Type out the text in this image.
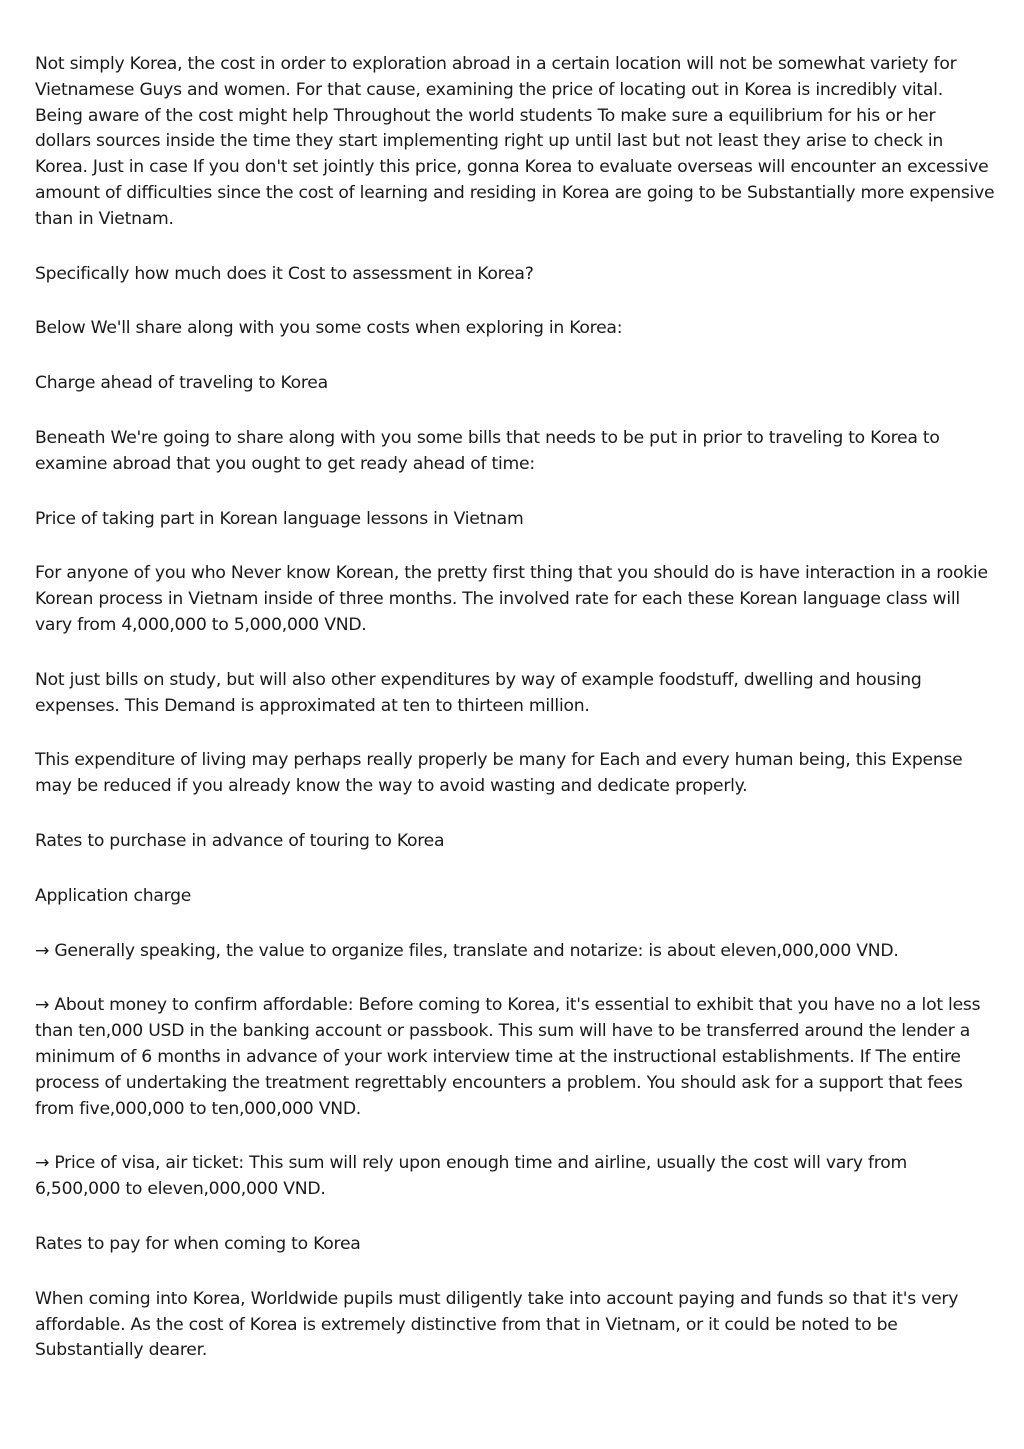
Not simply Korea, the cost in order to exploration abroad in a certain location will not be somewhat variety for Vietnamese Guys and women. For that cause, examining the price of locating out in Korea is incredibly vital. Being aware of the cost might help Throughout the world students To make sure a equilibrium for his or her dollars sources inside the time they start implementing right up until last but not least they arise to check in Korea. Just in case If you don't set jointly this price, gonna Korea to evaluate overseas will encounter an excessive amount of difficulties since the cost of learning and residing in Korea are going to be Substantially more expensive than in Vietnam.

Specifically how much does it Cost to assessment in Korea?

Below We'll share along with you some costs when exploring in Korea:

Charge ahead of traveling to Korea

Beneath We're going to share along with you some bills that needs to be put in prior to traveling to Korea to examine abroad that you ought to get ready ahead of time:

Price of taking part in Korean language lessons in Vietnam

For anyone of you who Never know Korean, the pretty first thing that you should do is have interaction in a rookie Korean process in Vietnam inside of three months. The involved rate for each these Korean language class will vary from 4,000,000 to 5,000,000 VND.

Not just bills on study, but will also other expenditures by way of example foodstuff, dwelling and housing expenses. This Demand is approximated at ten to thirteen million.

This expenditure of living may perhaps really properly be many for Each and every human being, this Expense may be reduced if you already know the way to avoid wasting and dedicate properly.

Rates to purchase in advance of touring to Korea

Application charge

→ Generally speaking, the value to organize files, translate and notarize: is about eleven,000,000 VND.

→ About money to confirm affordable: Before coming to Korea, it's essential to exhibit that you have no a lot less than ten,000 USD in the banking account or passbook. This sum will have to be transferred around the lender a minimum of 6 months in advance of your work interview time at the instructional establishments. If The entire process of undertaking the treatment regrettably encounters a problem. You should ask for a support that fees from five,000,000 to ten,000,000 VND.

→ Price of visa, air ticket: This sum will rely upon enough time and airline, usually the cost will vary from 6,500,000 to eleven,000,000 VND.

Rates to pay for when coming to Korea

When coming into Korea, Worldwide pupils must diligently take into account paying and funds so that it's very affordable. As the cost of Korea is extremely distinctive from that in Vietnam, or it could be noted to be Substantially dearer.
